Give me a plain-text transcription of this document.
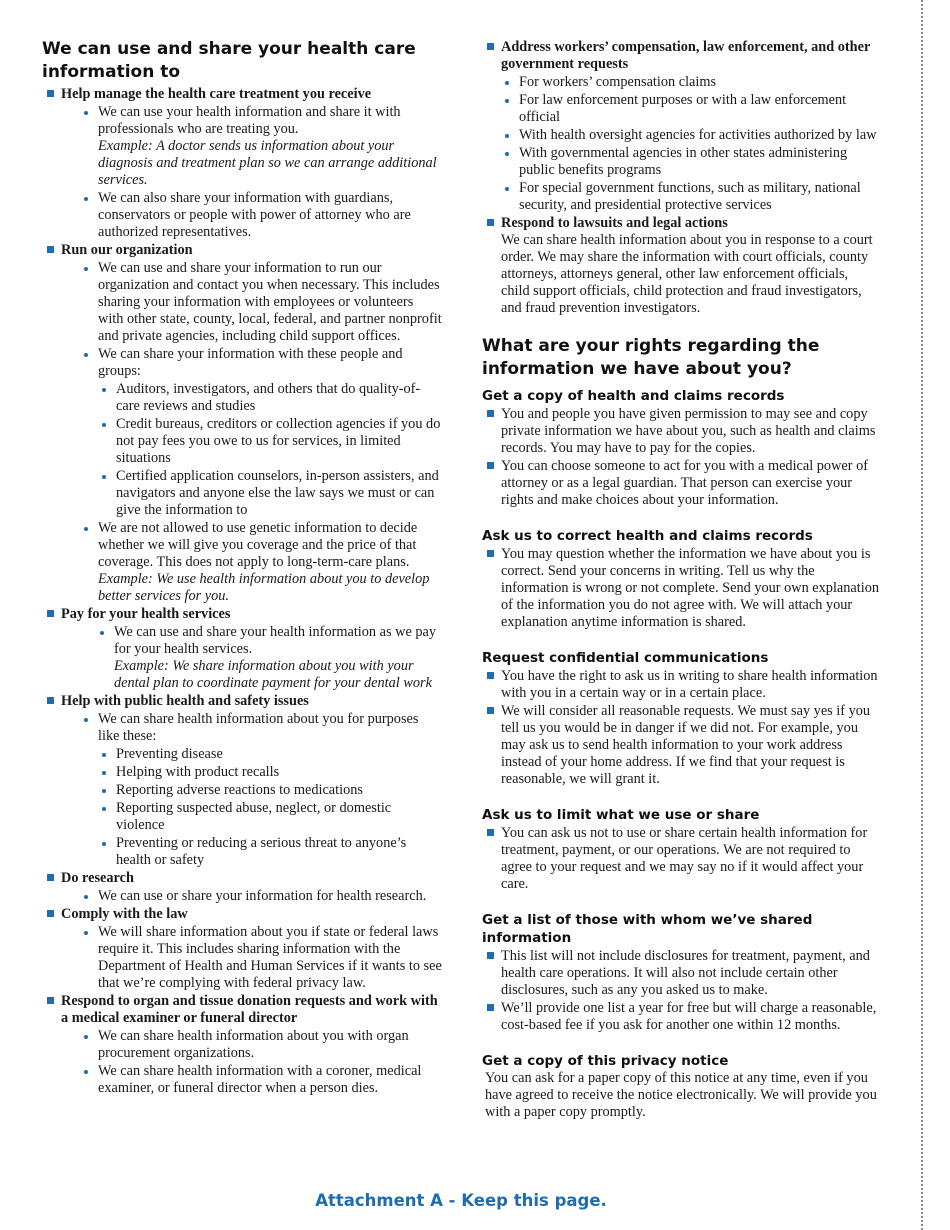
We can use and share your health care information to
Help manage the health care treatment you receive
We can use your health information and share it with professionals who are treating you.
Example: A doctor sends us information about your diagnosis and treatment plan so we can arrange additional services.
We can also share your information with guardians, conservators or people with power of attorney who are authorized representatives.
Run our organization
We can use and share your information to run our organization and contact you when necessary. This includes sharing your information with employees or volunteers with other state, county, local, federal, and partner nonprofit and private agencies, including child support offices.
We can share your information with these people and groups:
Auditors, investigators, and others that do quality-of-care reviews and studies
Credit bureaus, creditors or collection agencies if you do not pay fees you owe to us for services, in limited situations
Certified application counselors, in-person assisters, and navigators and anyone else the law says we must or can give the information to
We are not allowed to use genetic information to decide whether we will give you coverage and the price of that coverage. This does not apply to long-term-care plans.
Example: We use health information about you to develop better services for you.
Pay for your health services
We can use and share your health information as we pay for your health services.
Example: We share information about you with your dental plan to coordinate payment for your dental work
Help with public health and safety issues
We can share health information about you for purposes like these:
Preventing disease
Helping with product recalls
Reporting adverse reactions to medications
Reporting suspected abuse, neglect, or domestic violence
Preventing or reducing a serious threat to anyone’s health or safety
Do research
We can use or share your information for health research.
Comply with the law
We will share information about you if state or federal laws require it. This includes sharing information with the Department of Health and Human Services if it wants to see that we’re complying with federal privacy law.
Respond to organ and tissue donation requests and work with a medical examiner or funeral director
We can share health information about you with organ procurement organizations.
We can share health information with a coroner, medical examiner, or funeral director when a person dies.
Address workers’ compensation, law enforcement, and other government requests
For workers’ compensation claims
For law enforcement purposes or with a law enforcement official
With health oversight agencies for activities authorized by law
With governmental agencies in other states administering public benefits programs
For special government functions, such as military, national security, and presidential protective services
Respond to lawsuits and legal actions
We can share health information about you in response to a court order. We may share the information with court officials, county attorneys, attorneys general, other law enforcement officials, child support officials, child protection and fraud investigators, and fraud prevention investigators.
What are your rights regarding the information we have about you?
Get a copy of health and claims records
You and people you have given permission to may see and copy private information we have about you, such as health and claims records. You may have to pay for the copies.
You can choose someone to act for you with a medical power of attorney or as a legal guardian. That person can exercise your rights and make choices about your information.
Ask us to correct health and claims records
You may question whether the information we have about you is correct. Send your concerns in writing. Tell us why the information is wrong or not complete. Send your own explanation of the information you do not agree with. We will attach your explanation anytime information is shared.
Request confidential communications
You have the right to ask us in writing to share health information with you in a certain way or in a certain place.
We will consider all reasonable requests. We must say yes if you tell us you would be in danger if we did not. For example, you may ask us to send health information to your work address instead of your home address. If we find that your request is reasonable, we will grant it.
Ask us to limit what we use or share
You can ask us not to use or share certain health information for treatment, payment, or our operations. We are not required to agree to your request and we may say no if it would affect your care.
Get a list of those with whom we’ve shared information
This list will not include disclosures for treatment, payment, and health care operations. It will also not include certain other disclosures, such as any you asked us to make.
We’ll provide one list a year for free but will charge a reasonable, cost-based fee if you ask for another one within 12 months.
Get a copy of this privacy notice
You can ask for a paper copy of this notice at any time, even if you have agreed to receive the notice electronically. We will provide you with a paper copy promptly.
Attachment A - Keep this page.
